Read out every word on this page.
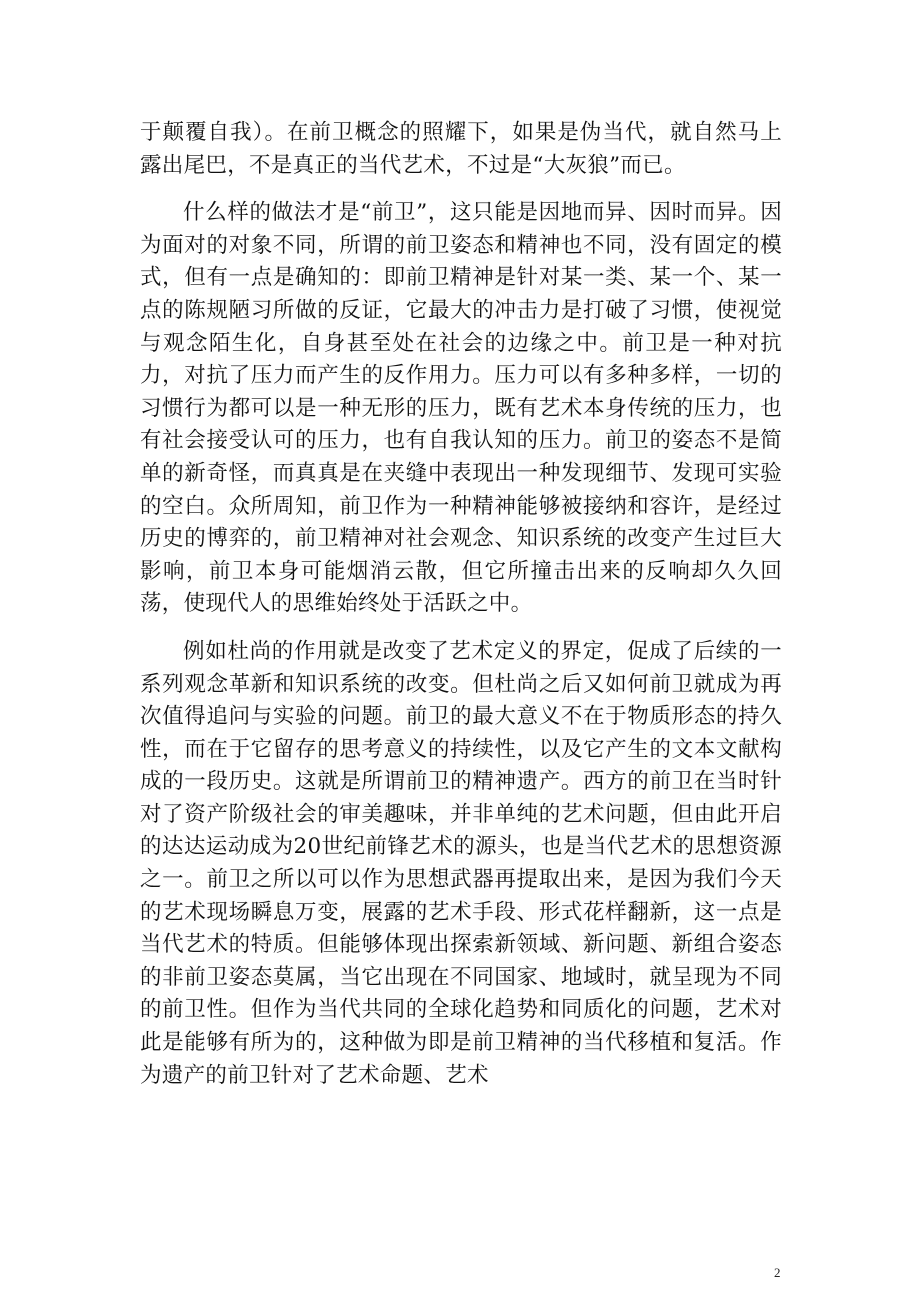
于颠覆自我）。在前卫概念的照耀下，如果是伪当代，就自然马上露出尾巴，不是真正的当代艺术，不过是“大灰狼”而已。

什么样的做法才是“前卫”，这只能是因地而异、因时而异。因为面对的对象不同，所谓的前卫姿态和精神也不同，没有固定的模式，但有一点是确知的：即前卫精神是针对某一类、某一个、某一点的陈规陋习所做的反证，它最大的冲击力是打破了习惯，使视觉与观念陌生化，自身甚至处在社会的边缘之中。前卫是一种对抗力，对抗了压力而产生的反作用力。压力可以有多种多样，一切的习惯行为都可以是一种无形的压力，既有艺术本身传统的压力，也有社会接受认可的压力，也有自我认知的压力。前卫的姿态不是简单的新奇怪，而真真是在夹缝中表现出一种发现细节、发现可实验的空白。众所周知，前卫作为一种精神能够被接纳和容许，是经过历史的博弈的，前卫精神对社会观念、知识系统的改变产生过巨大影响，前卫本身可能烟消云散，但它所撞击出来的反响却久久回荡，使现代人的思维始终处于活跃之中。

例如杜尚的作用就是改变了艺术定义的界定，促成了后续的一系列观念革新和知识系统的改变。但杜尚之后又如何前卫就成为再次值得追问与实验的问题。前卫的最大意义不在于物质形态的持久性，而在于它留存的思考意义的持续性，以及它产生的文本文献构成的一段历史。这就是所谓前卫的精神遗产。西方的前卫在当时针对了资产阶级社会的审美趣味，并非单纯的艺术问题，但由此开启的达达运动成为20世纪前锋艺术的源头，也是当代艺术的思想资源之一。前卫之所以可以作为思想武器再提取出来，是因为我们今天的艺术现场瞬息万变，展露的艺术手段、形式花样翻新，这一点是当代艺术的特质。但能够体现出探索新领域、新问题、新组合姿态的非前卫姿态莫属，当它出现在不同国家、地域时，就呈现为不同的前卫性。但作为当代共同的全球化趋势和同质化的问题，艺术对此是能够有所为的，这种做为即是前卫精神的当代移植和复活。作为遗产的前卫针对了艺术命题、艺术

2
